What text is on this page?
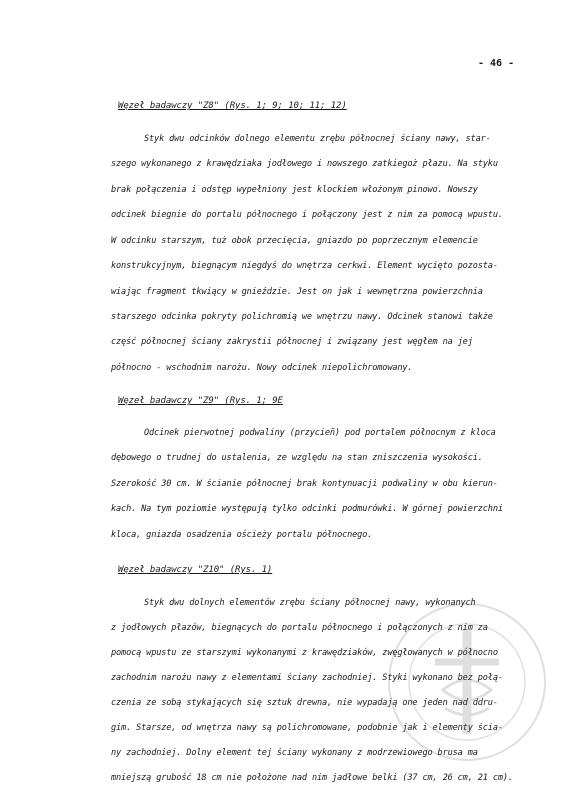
- 46 -
Węzeł badawczy "Z8" (Rys. 1; 9; 10; 11; 12)
Styk dwu odcinków dolnego elementu zrębu północnej ściany nawy, star-
szego wykonanego z krawędziaka jodłowego i nowszego zatkiegoż płazu. Na styku
brak połączenia i odstęp wypełniony jest klockiem włożonym pinowo. Nowszy
odcinek biegnie do portalu północnego i połączony jest z nim za pomocą wpustu.
W odcinku starszym, tuż obok przecięcia, gniazdo po poprzecznym elemencie
konstrukcyjnym, biegnącym niegdyś do wnętrza cerkwi. Element wycięto pozosta-
wiając fragment tkwiący w gnieździe. Jest on jak i wewnętrzna powierzchnia
starszego odcinka pokryty polichromią we wnętrzu nawy. Odcinek stanowi także
część północnej ściany zakrystii północnej i związany jest węgłem na jej
północno - wschodnim narożu. Nowy odcinek niepolichromowany.
Węzeł badawczy "Z9" (Rys. 1; 9E
Odcinek pierwotnej podwaliny (przycieñ) pod portalem północnym z kloca
dębowego o trudnej do ustalenia, ze względu na stan zniszczenia wysokości.
Szerokość 30 cm. W ścianie północnej brak kontynuacji podwaliny w obu kierun-
kach. Na tym poziomie występują tylko odcinki podmurówki. W górnej powierzchni
kloca, gniazda osadzenia ościeży portalu północnego.
Węzeł badawczy "Z10" (Rys. 1)
Styk dwu dolnych elementów zrębu ściany północnej nawy, wykonanych
z jodłowych płazów, biegnących do portalu północnego i połączonych z nim za
pomocą wpustu ze starszymi wykonanymi z krawędziaków, zwęgłowanych w północno
zachodnim narożu nawy z elementami ściany zachodniej. Styki wykonano bez połą-
czenia ze sobą stykających się sztuk drewna, nie wypadają one jeden nad ddru-
gim. Starsze, od wnętrza nawy są polichromowane, podobnie jak i elementy ścia-
ny zachodniej. Dolny element tej ściany wykonany z modrzewiowego brusa ma
mniejszą grubość 18 cm nie położone nad nim jadłowe belki (37 cm, 26 cm, 21 cm).
